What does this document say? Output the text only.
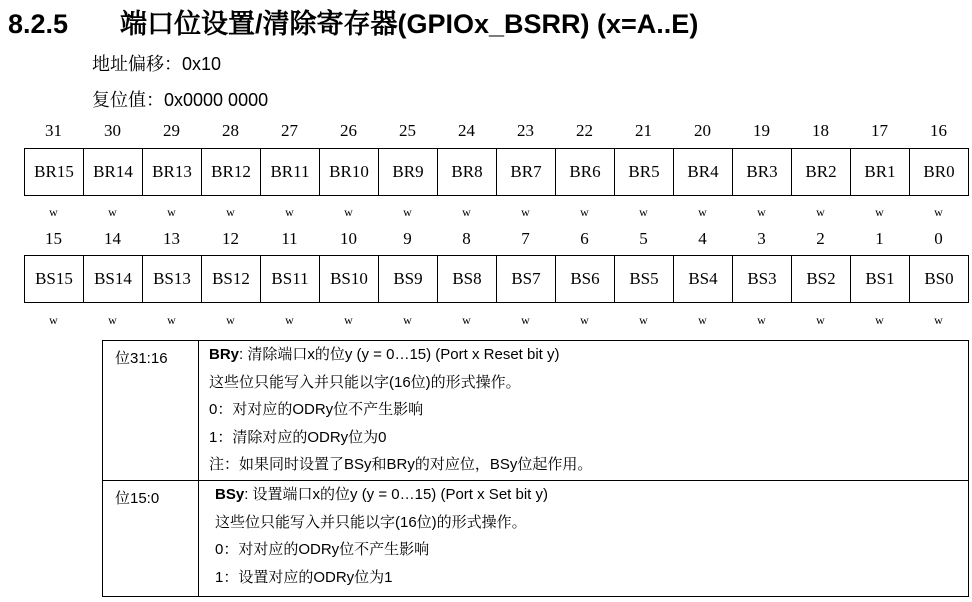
8.2.5 端口位设置/清除寄存器(GPIOx_BSRR) (x=A..E)
地址偏移：0x10
复位值：0x0000 0000
31	30	29	28	27	26	25	24	23	22	21	20	19	18	17	16
BR15	BR14	BR13	BR12	BR11	BR10	BR9	BR8	BR7	BR6	BR5	BR4	BR3	BR2	BR1	BR0
w	w	w	w	w	w	w	w	w	w	w	w	w	w	w	w
15	14	13	12	11	10	9	8	7	6	5	4	3	2	1	0
BS15	BS14	BS13	BS12	BS11	BS10	BS9	BS8	BS7	BS6	BS5	BS4	BS3	BS2	BS1	BS0
w	w	w	w	w	w	w	w	w	w	w	w	w	w	w	w
位31:16	BRy: 清除端口x的位y (y = 0…15) (Port x Reset bit y)
这些位只能写入并只能以字(16位)的形式操作。
0：对对应的ODRy位不产生影响
1：清除对应的ODRy位为0
注：如果同时设置了BSy和BRy的对应位，BSy位起作用。
位15:0	BSy: 设置端口x的位y (y = 0…15) (Port x Set bit y)
这些位只能写入并只能以字(16位)的形式操作。
0：对对应的ODRy位不产生影响
1：设置对应的ODRy位为1
